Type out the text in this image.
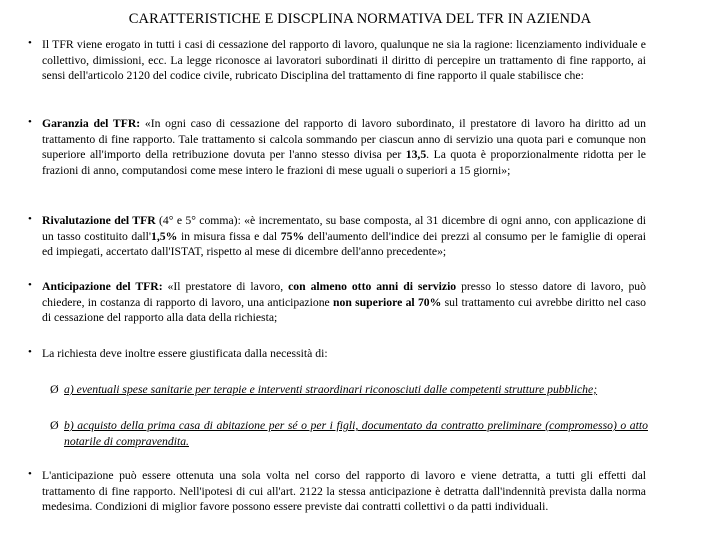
CARATTERISTICHE E DISCPLINA NORMATIVA DEL TFR IN AZIENDA
• Il TFR viene erogato in tutti i casi di cessazione del rapporto di lavoro, qualunque ne sia la ragione: licenziamento individuale e collettivo, dimissioni, ecc. La legge riconosce ai lavoratori subordinati il diritto di percepire un trattamento di fine rapporto, ai sensi dell'articolo 2120 del codice civile, rubricato Disciplina del trattamento di fine rapporto il quale stabilisce che:

• Garanzia del TFR: «In ogni caso di cessazione del rapporto di lavoro subordinato, il prestatore di lavoro ha diritto ad un trattamento di fine rapporto. Tale trattamento si calcola sommando per ciascun anno di servizio una quota pari e comunque non superiore all'importo della retribuzione dovuta per l'anno stesso divisa per 13,5. La quota è proporzionalmente ridotta per le frazioni di anno, computandosi come mese intero le frazioni di mese uguali o superiori a 15 giorni»;

• Rivalutazione del TFR (4° e 5° comma): «è incrementato, su base composta, al 31 dicembre di ogni anno, con applicazione di un tasso costituito dall'1,5% in misura fissa e dal 75% dell'aumento dell'indice dei prezzi al consumo per le famiglie di operai ed impiegati, accertato dall'ISTAT, rispetto al mese di dicembre dell'anno precedente»;

• Anticipazione del TFR: «Il prestatore di lavoro, con almeno otto anni di servizio presso lo stesso datore di lavoro, può chiedere, in costanza di rapporto di lavoro, una anticipazione non superiore al 70% sul trattamento cui avrebbe diritto nel caso di cessazione del rapporto alla data della richiesta;

• La richiesta deve inoltre essere giustificata dalla necessità di:

Ø a) eventuali spese sanitarie per terapie e interventi straordinari riconosciuti dalle competenti strutture pubbliche;

Ø b) acquisto della prima casa di abitazione per sé o per i figli, documentato da contratto preliminare (compromesso) o atto notarile di compravendita.

• L'anticipazione può essere ottenuta una sola volta nel corso del rapporto di lavoro e viene detratta, a tutti gli effetti dal trattamento di fine rapporto. Nell'ipotesi di cui all'art. 2122 la stessa anticipazione è detratta dall'indennità prevista dalla norma medesima. Condizioni di miglior favore possono essere previste dai contratti collettivi o da patti individuali.
